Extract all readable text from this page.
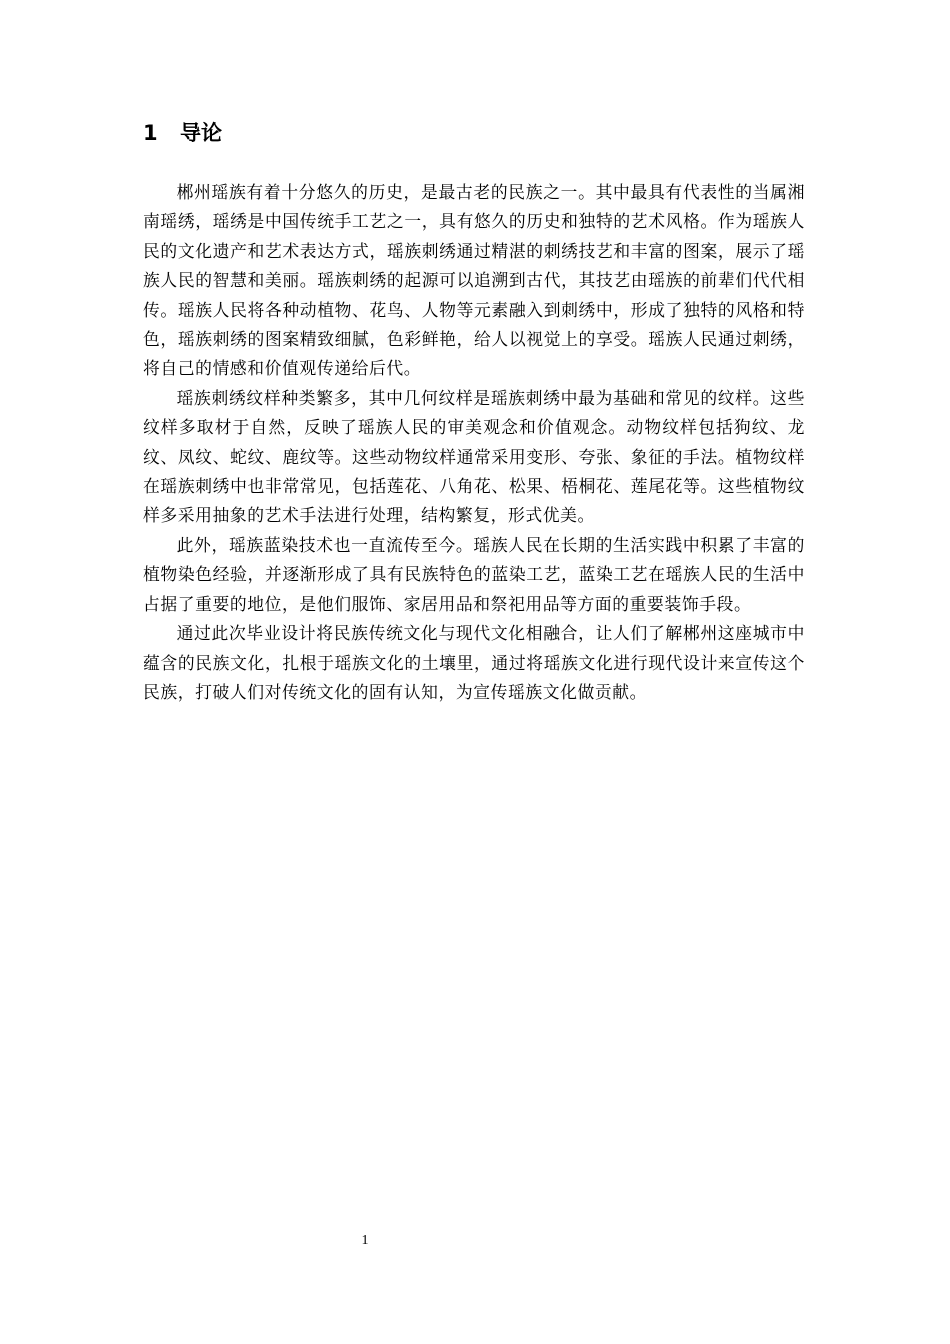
1 导论

郴州瑶族有着十分悠久的历史，是最古老的民族之一。其中最具有代表性的当属湘南瑶绣，瑶绣是中国传统手工艺之一，具有悠久的历史和独特的艺术风格。作为瑶族人民的文化遗产和艺术表达方式，瑶族刺绣通过精湛的刺绣技艺和丰富的图案，展示了瑶族人民的智慧和美丽。瑶族刺绣的起源可以追溯到古代，其技艺由瑶族的前辈们代代相传。瑶族人民将各种动植物、花鸟、人物等元素融入到刺绣中，形成了独特的风格和特色，瑶族刺绣的图案精致细腻，色彩鲜艳，给人以视觉上的享受。瑶族人民通过刺绣，将自己的情感和价值观传递给后代。

瑶族刺绣纹样种类繁多，其中几何纹样是瑶族刺绣中最为基础和常见的纹样。这些纹样多取材于自然，反映了瑶族人民的审美观念和价值观念。动物纹样包括狗纹、龙纹、凤纹、蛇纹、鹿纹等。这些动物纹样通常采用变形、夸张、象征的手法。植物纹样在瑶族刺绣中也非常常见，包括莲花、八角花、松果、梧桐花、莲尾花等。这些植物纹样多采用抽象的艺术手法进行处理，结构繁复，形式优美。

此外，瑶族蓝染技术也一直流传至今。瑶族人民在长期的生活实践中积累了丰富的植物染色经验，并逐渐形成了具有民族特色的蓝染工艺，蓝染工艺在瑶族人民的生活中占据了重要的地位，是他们服饰、家居用品和祭祀用品等方面的重要装饰手段。

通过此次毕业设计将民族传统文化与现代文化相融合，让人们了解郴州这座城市中蕴含的民族文化，扎根于瑶族文化的土壤里，通过将瑶族文化进行现代设计来宣传这个民族，打破人们对传统文化的固有认知，为宣传瑶族文化做贡献。

1
